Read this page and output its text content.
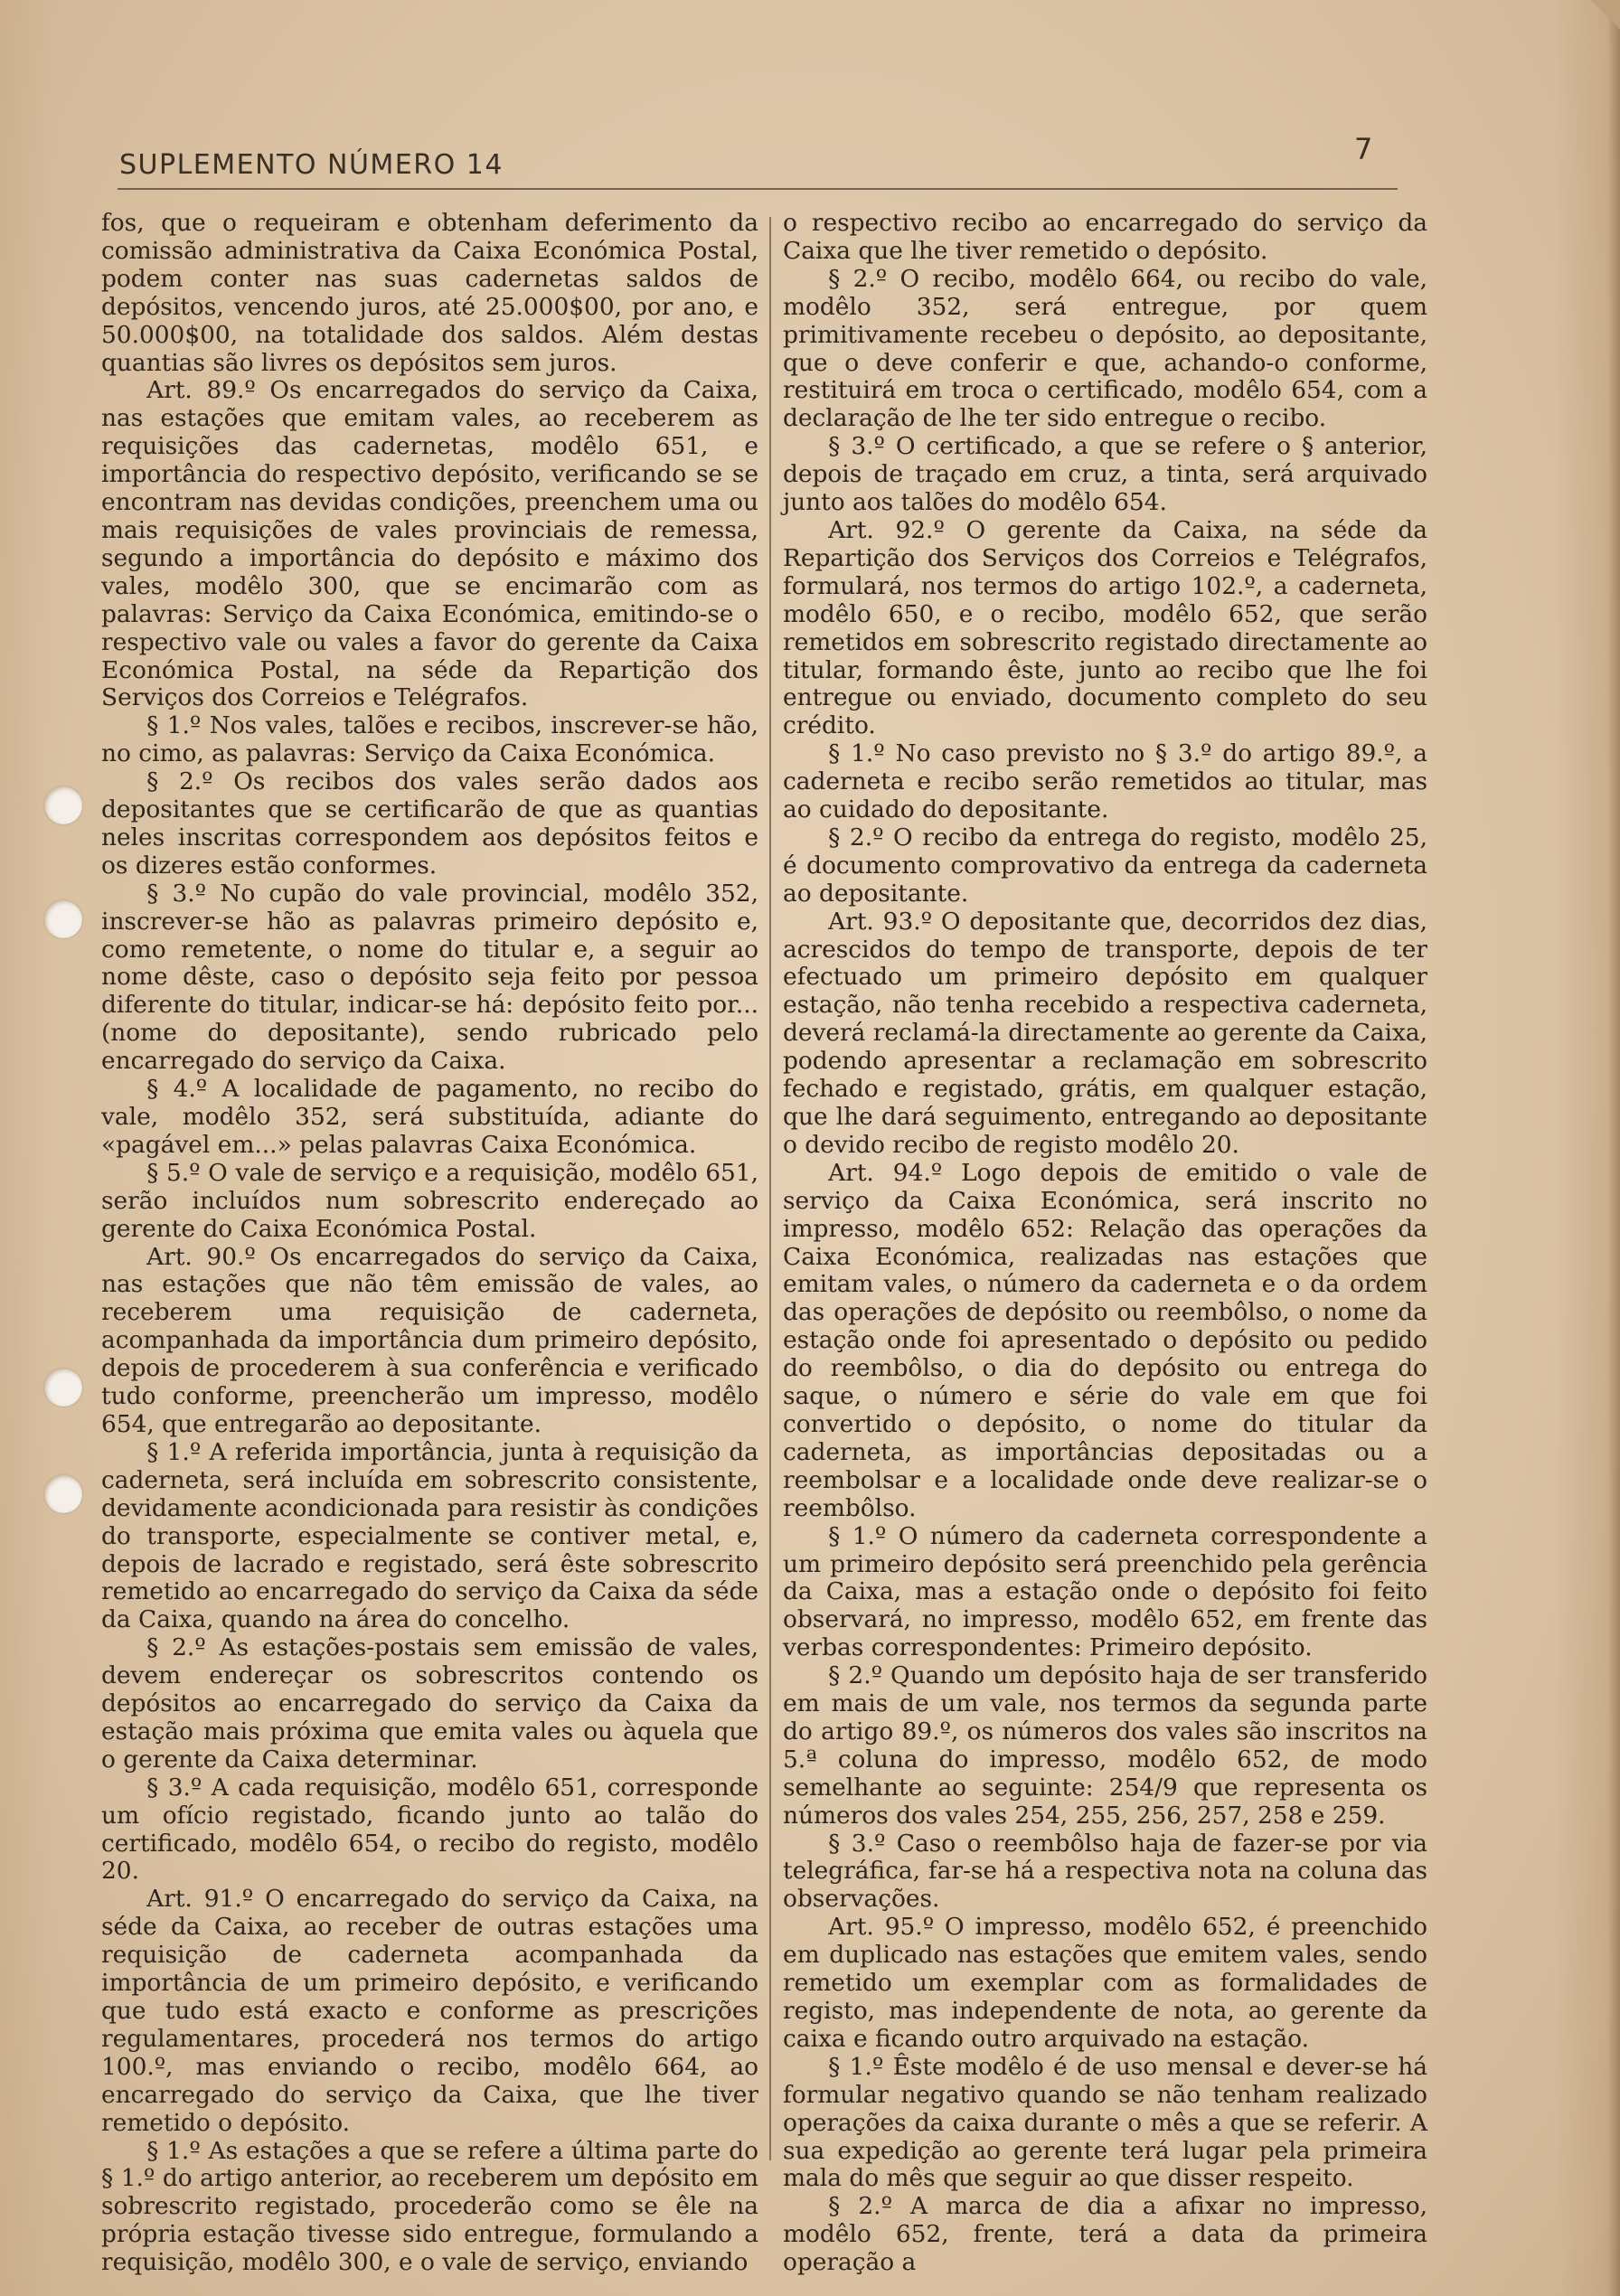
SUPLEMENTO NÚMERO 14	7

fos, que o requeiram e obtenham deferimento da comissão administrativa da Caixa Económica Postal, podem conter nas suas cadernetas saldos de depósitos, vencendo juros, até 25.000$00, por ano, e 50.000$00, na totalidade dos saldos. Além destas quantias são livres os depósitos sem juros.

Art. 89.º Os encarregados do serviço da Caixa, nas estações que emitam vales, ao receberem as requisições das cadernetas, modêlo 651, e importância do respectivo depósito, verificando se se encontram nas devidas condições, preenchem uma ou mais requisições de vales provinciais de remessa, segundo a importância do depósito e máximo dos vales, modêlo 300, que se encimarão com as palavras: Serviço da Caixa Económica, emitindo-se o respectivo vale ou vales a favor do gerente da Caixa Económica Postal, na séde da Repartição dos Serviços dos Correios e Telégrafos.

§ 1.º Nos vales, talões e recibos, inscrever-se hão, no cimo, as palavras: Serviço da Caixa Económica.

§ 2.º Os recibos dos vales serão dados aos depositantes que se certificarão de que as quantias neles inscritas correspondem aos depósitos feitos e os dizeres estão conformes.

§ 3.º No cupão do vale provincial, modêlo 352, inscrever-se hão as palavras primeiro depósito e, como remetente, o nome do titular e, a seguir ao nome dêste, caso o depósito seja feito por pessoa diferente do titular, indicar-se há: depósito feito por... (nome do depositante), sendo rubricado pelo encarregado do serviço da Caixa.

§ 4.º A localidade de pagamento, no recibo do vale, modêlo 352, será substituída, adiante do «pagável em...» pelas palavras Caixa Económica.

§ 5.º O vale de serviço e a requisição, modêlo 651, serão incluídos num sobrescrito endereçado ao gerente do Caixa Económica Postal.

Art. 90.º Os encarregados do serviço da Caixa, nas estações que não têm emissão de vales, ao receberem uma requisição de caderneta, acompanhada da importância dum primeiro depósito, depois de procederem à sua conferência e verificado tudo conforme, preencherão um impresso, modêlo 654, que entregarão ao depositante.

§ 1.º A referida importância, junta à requisição da caderneta, será incluída em sobrescrito consistente, devidamente acondicionada para resistir às condições do transporte, especialmente se contiver metal, e, depois de lacrado e registado, será êste sobrescrito remetido ao encarregado do serviço da Caixa da séde da Caixa, quando na área do concelho.

§ 2.º As estações-postais sem emissão de vales, devem endereçar os sobrescritos contendo os depósitos ao encarregado do serviço da Caixa da estação mais próxima que emita vales ou àquela que o gerente da Caixa determinar.

§ 3.º A cada requisição, modêlo 651, corresponde um ofício registado, ficando junto ao talão do certificado, modêlo 654, o recibo do registo, modêlo 20.

Art. 91.º O encarregado do serviço da Caixa, na séde da Caixa, ao receber de outras estações uma requisição de caderneta acompanhada da importância de um primeiro depósito, e verificando que tudo está exacto e conforme as prescrições regulamentares, procederá nos termos do artigo 100.º, mas enviando o recibo, modêlo 664, ao encarregado do serviço da Caixa, que lhe tiver remetido o depósito.

§ 1.º As estações a que se refere a última parte do § 1.º do artigo anterior, ao receberem um depósito em sobrescrito registado, procederão como se êle na própria estação tivesse sido entregue, formulando a requisição, modêlo 300, e o vale de serviço, enviando

o respectivo recibo ao encarregado do serviço da Caixa que lhe tiver remetido o depósito.

§ 2.º O recibo, modêlo 664, ou recibo do vale, modêlo 352, será entregue, por quem primitivamente recebeu o depósito, ao depositante, que o deve conferir e que, achando-o conforme, restituirá em troca o certificado, modêlo 654, com a declaração de lhe ter sido entregue o recibo.

§ 3.º O certificado, a que se refere o § anterior, depois de traçado em cruz, a tinta, será arquivado junto aos talões do modêlo 654.

Art. 92.º O gerente da Caixa, na séde da Repartição dos Serviços dos Correios e Telégrafos, formulará, nos termos do artigo 102.º, a caderneta, modêlo 650, e o recibo, modêlo 652, que serão remetidos em sobrescrito registado directamente ao titular, formando êste, junto ao recibo que lhe foi entregue ou enviado, documento completo do seu crédito.

§ 1.º No caso previsto no § 3.º do artigo 89.º, a caderneta e recibo serão remetidos ao titular, mas ao cuidado do depositante.

§ 2.º O recibo da entrega do registo, modêlo 25, é documento comprovativo da entrega da caderneta ao depositante.

Art. 93.º O depositante que, decorridos dez dias, acrescidos do tempo de transporte, depois de ter efectuado um primeiro depósito em qualquer estação, não tenha recebido a respectiva caderneta, deverá reclamá-la directamente ao gerente da Caixa, podendo apresentar a reclamação em sobrescrito fechado e registado, grátis, em qualquer estação, que lhe dará seguimento, entregando ao depositante o devido recibo de registo modêlo 20.

Art. 94.º Logo depois de emitido o vale de serviço da Caixa Económica, será inscrito no impresso, modêlo 652: Relação das operações da Caixa Económica, realizadas nas estações que emitam vales, o número da caderneta e o da ordem das operações de depósito ou reembôlso, o nome da estação onde foi apresentado o depósito ou pedido do reembôlso, o dia do depósito ou entrega do saque, o número e série do vale em que foi convertido o depósito, o nome do titular da caderneta, as importâncias depositadas ou a reembolsar e a localidade onde deve realizar-se o reembôlso.

§ 1.º O número da caderneta correspondente a um primeiro depósito será preenchido pela gerência da Caixa, mas a estação onde o depósito foi feito observará, no impresso, modêlo 652, em frente das verbas correspondentes: Primeiro depósito.

§ 2.º Quando um depósito haja de ser transferido em mais de um vale, nos termos da segunda parte do artigo 89.º, os números dos vales são inscritos na 5.ª coluna do impresso, modêlo 652, de modo semelhante ao seguinte: 254/9 que representa os números dos vales 254, 255, 256, 257, 258 e 259.

§ 3.º Caso o reembôlso haja de fazer-se por via telegráfica, far-se há a respectiva nota na coluna das observações.

Art. 95.º O impresso, modêlo 652, é preenchido em duplicado nas estações que emitem vales, sendo remetido um exemplar com as formalidades de registo, mas independente de nota, ao gerente da caixa e ficando outro arquivado na estação.

§ 1.º Êste modêlo é de uso mensal e dever-se há formular negativo quando se não tenham realizado operações da caixa durante o mês a que se referir. A sua expedição ao gerente terá lugar pela primeira mala do mês que seguir ao que disser respeito.

§ 2.º A marca de dia a afixar no impresso, modêlo 652, frente, terá a data da primeira operação a
